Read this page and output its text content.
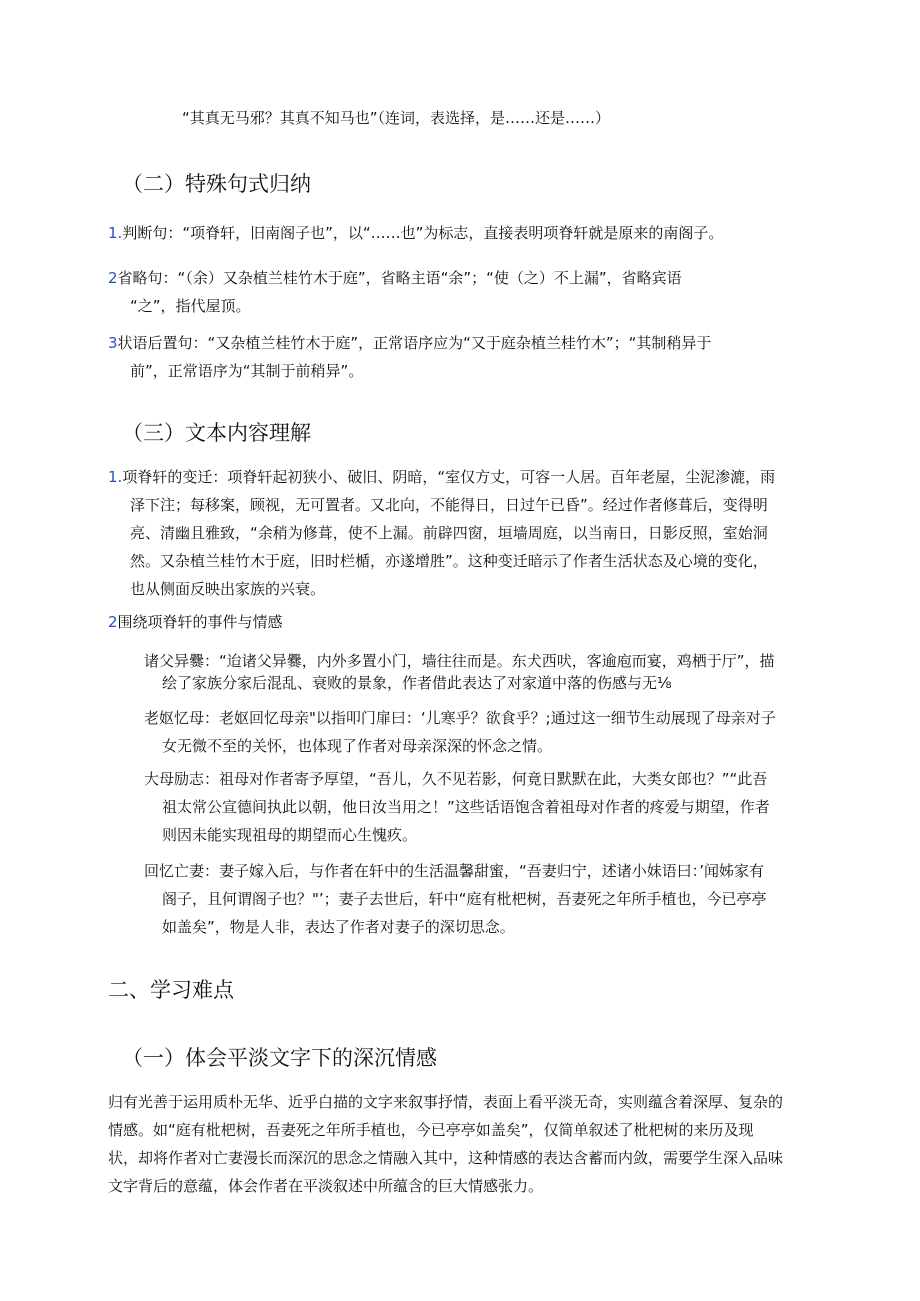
“其真无马邪？其真不知马也”（连词，表选择，是……还是……）
（二）特殊句式归纳
1.判断句：“项脊轩，旧南阁子也”，以“……也”为标志，直接表明项脊轩就是原来的南阁子。
2省略句：“（余）又杂植兰桂竹木于庭”，省略主语“余”；“使（之）不上漏”，省略宾语
“之”，指代屋顶。
3状语后置句：“又杂植兰桂竹木于庭”，正常语序应为“又于庭杂植兰桂竹木”；“其制稍异于
前”，正常语序为“其制于前稍异”。
（三）文本内容理解
1.项脊轩的变迁：项脊轩起初狭小、破旧、阴暗，“室仅方丈，可容一人居。百年老屋，尘泥渗漉，雨
泽下注；每移案，顾视，无可置者。又北向，不能得日，日过午已昏”。经过作者修葺后，变得明
亮、清幽且雅致，“余稍为修葺，使不上漏。前辟四窗，垣墙周庭，以当南日，日影反照，室始洞
然。又杂植兰桂竹木于庭，旧时栏楯，亦遂增胜”。这种变迁暗示了作者生活状态及心境的变化，
也从侧面反映出家族的兴衰。
2围绕项脊轩的事件与情感
诸父异爨：“迨诸父异爨，内外多置小门，墙往往而是。东犬西吠，客逾庖而宴，鸡栖于厅”，描
绘了家族分家后混乱、衰败的景象，作者借此表达了对家道中落的伤感与无⅛
老妪忆母：老妪回忆母亲"以指叩门扉曰：‘儿寒乎？欲食乎？;通过这一细节生动展现了母亲对子
女无微不至的关怀，也体现了作者对母亲深深的怀念之情。
大母励志：祖母对作者寄予厚望，“吾儿，久不见若影，何竟日默默在此，大类女郎也？”“此吾
祖太常公宣德间执此以朝，他日汝当用之！”这些话语饱含着祖母对作者的疼爱与期望，作者
则因未能实现祖母的期望而心生愧疚。
回忆亡妻：妻子嫁入后，与作者在轩中的生活温馨甜蜜，“吾妻归宁，述诸小妹语曰：’闻姊家有
阁子，且何谓阁子也？"’；妻子去世后，轩中“庭有枇杷树，吾妻死之年所手植也，今已亭亭
如盖矣”，物是人非，表达了作者对妻子的深切思念。
二、学习难点
（一）体会平淡文字下的深沉情感
归有光善于运用质朴无华、近乎白描的文字来叙事抒情，表面上看平淡无奇，实则蕴含着深厚、复杂的
情感。如“庭有枇杷树，吾妻死之年所手植也，今已亭亭如盖矣”，仅简单叙述了枇杷树的来历及现
状，却将作者对亡妻漫长而深沉的思念之情融入其中，这种情感的表达含蓄而内敛，需要学生深入品味
文字背后的意蕴，体会作者在平淡叙述中所蕴含的巨大情感张力。
